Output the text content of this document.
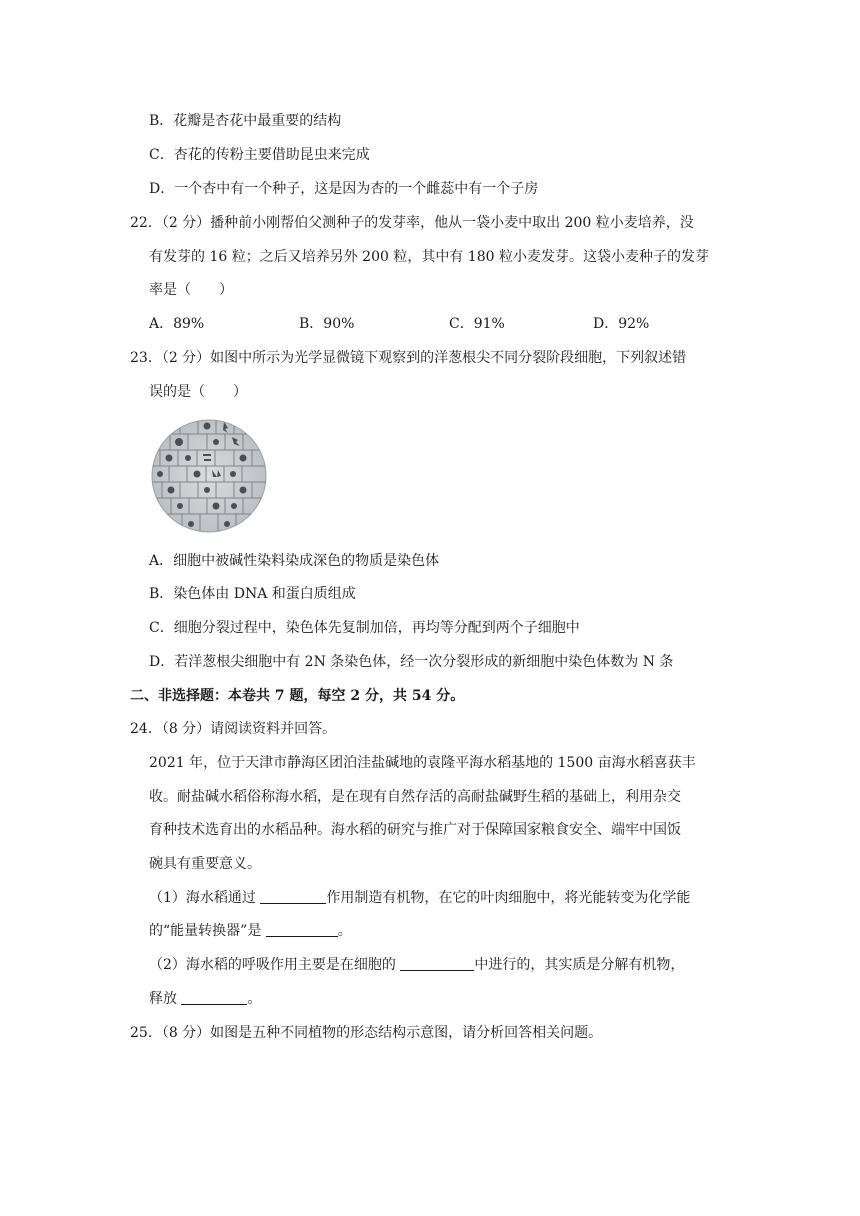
B．花瓣是杏花中最重要的结构
C．杏花的传粉主要借助昆虫来完成
D．一个杏中有一个种子，这是因为杏的一个雌蕊中有一个子房
22．（2 分）播种前小刚帮伯父测种子的发芽率，他从一袋小麦中取出 200 粒小麦培养，没
有发芽的 16 粒；之后又培养另外 200 粒，其中有 180 粒小麦发芽。这袋小麦种子的发芽
率是（　　）
A．89%	B．90%	C．91%	D．92%
23．（2 分）如图中所示为光学显微镜下观察到的洋葱根尖不同分裂阶段细胞，下列叙述错
误的是（　　）
A．细胞中被碱性染料染成深色的物质是染色体
B．染色体由 DNA 和蛋白质组成
C．细胞分裂过程中，染色体先复制加倍，再均等分配到两个子细胞中
D．若洋葱根尖细胞中有 2N 条染色体，经一次分裂形成的新细胞中染色体数为 N 条
二、非选择题：本卷共 7 题，每空 2 分，共 54 分。
24．（8 分）请阅读资料并回答。
2021 年，位于天津市静海区团泊洼盐碱地的袁隆平海水稻基地的 1500 亩海水稻喜获丰
收。耐盐碱水稻俗称海水稻，是在现有自然存活的高耐盐碱野生稻的基础上，利用杂交
育种技术选育出的水稻品种。海水稻的研究与推广对于保障国家粮食安全、端牢中国饭
碗具有重要意义。
（1）海水稻通过	作用制造有机物，在它的叶肉细胞中，将光能转变为化学能
的“能量转换器”是	。
（2）海水稻的呼吸作用主要是在细胞的	中进行的，其实质是分解有机物，
释放	。
25．（8 分）如图是五种不同植物的形态结构示意图，请分析回答相关问题。
